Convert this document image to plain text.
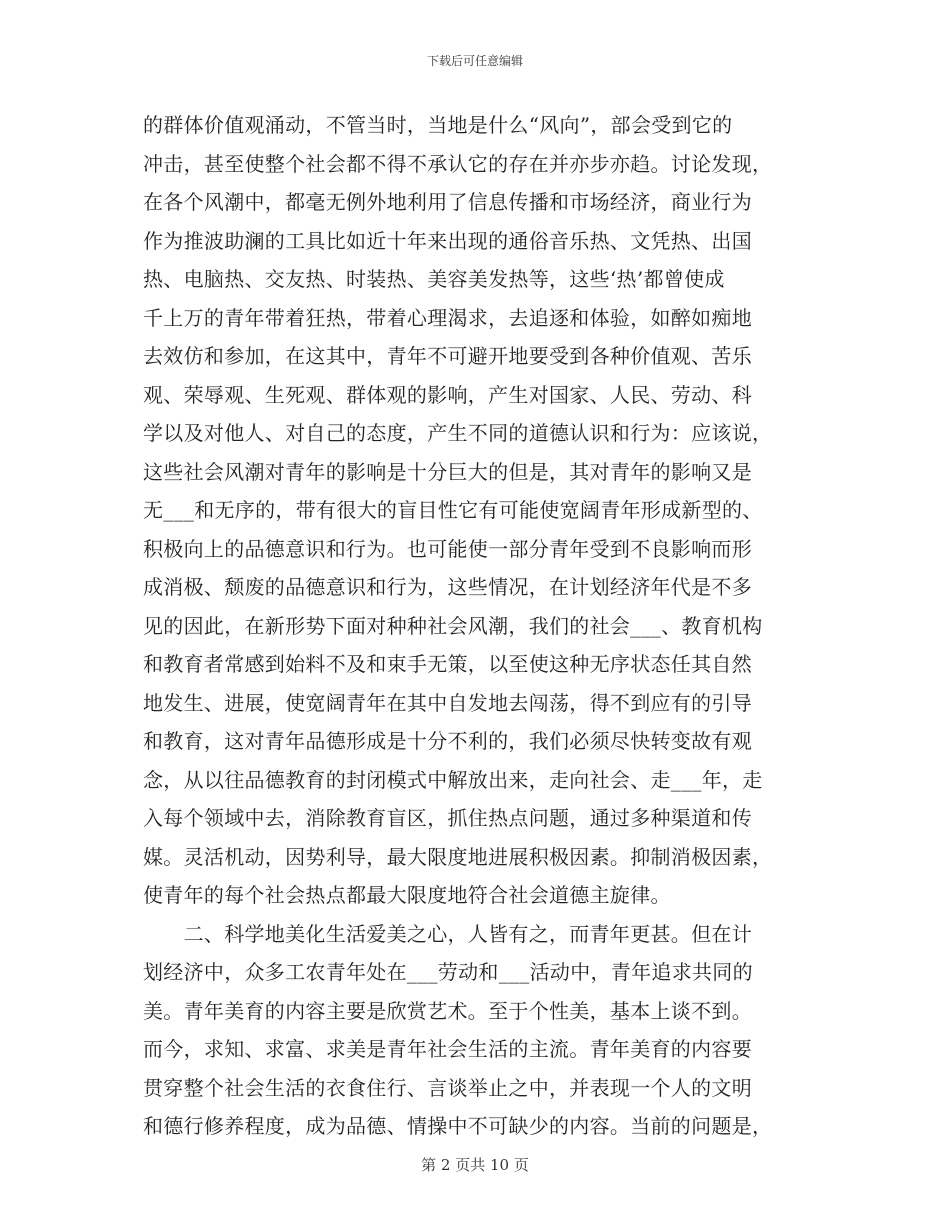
下载后可任意编辑
的群体价值观涌动，不管当时，当地是什么“风向”，部会受到它的
冲击，甚至使整个社会都不得不承认它的存在并亦步亦趋。讨论发现，
在各个风潮中，都毫无例外地利用了信息传播和市场经济，商业行为
作为推波助澜的工具比如近十年来出现的通俗音乐热、文凭热、出国
热、电脑热、交友热、时装热、美容美发热等，这些‘热’都曾使成
千上万的青年带着狂热，带着心理渴求，去追逐和体验，如醉如痴地
去效仿和参加，在这其中，青年不可避开地要受到各种价值观、苦乐
观、荣辱观、生死观、群体观的影响，产生对国家、人民、劳动、科
学以及对他人、对自己的态度，产生不同的道德认识和行为：应该说，
这些社会风潮对青年的影响是十分巨大的但是，其对青年的影响又是
无___和无序的，带有很大的盲目性它有可能使宽阔青年形成新型的、
积极向上的品德意识和行为。也可能使一部分青年受到不良影响而形
成消极、颓废的品德意识和行为，这些情况，在计划经济年代是不多
见的因此，在新形势下面对种种社会风潮，我们的社会___、教育机构
和教育者常感到始料不及和束手无策，以至使这种无序状态任其自然
地发生、进展，使宽阔青年在其中自发地去闯荡，得不到应有的引导
和教育，这对青年品德形成是十分不利的，我们必须尽快转变故有观
念，从以往品德教育的封闭模式中解放出来，走向社会、走___年，走
入每个领域中去，消除教育盲区，抓住热点问题，通过多种渠道和传
媒。灵活机动，因势利导，最大限度地进展积极因素。抑制消极因素，
使青年的每个社会热点都最大限度地符合社会道德主旋律。
　　二、科学地美化生活爱美之心，人皆有之，而青年更甚。但在计
划经济中，众多工农青年处在___劳动和___活动中，青年追求共同的
美。青年美育的内容主要是欣赏艺术。至于个性美，基本上谈不到。
而今，求知、求富、求美是青年社会生活的主流。青年美育的内容要
贯穿整个社会生活的衣食住行、言谈举止之中，并表现一个人的文明
和德行修养程度，成为品德、情操中不可缺少的内容。当前的问题是，
第 2 页共 10 页
